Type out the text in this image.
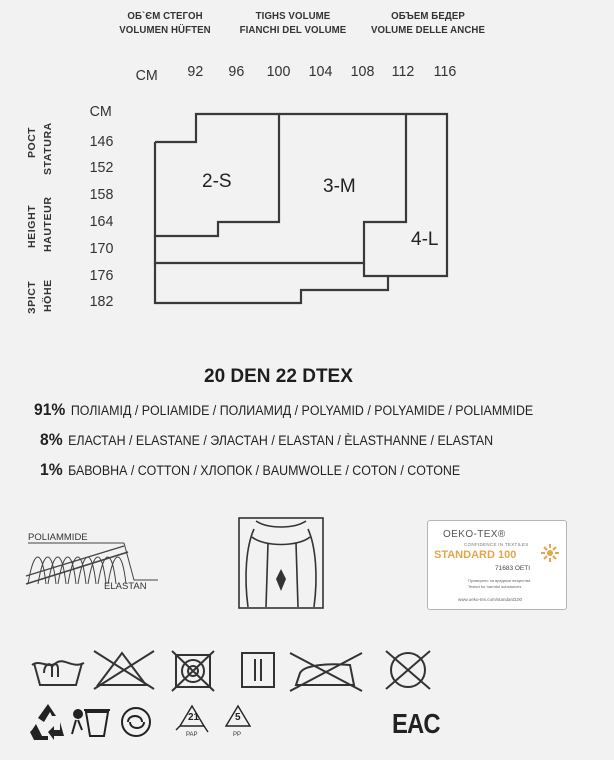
ОБ`ЄМ СТЕГОН
VOLUMEN HÜFTEN
TIGHS VOLUME
FIANCHI DEL VOLUME
ОБЪЕМ БЕДЕР
VOLUME DELLE ANCHE
CM 92 96 100 104 108 112 116
CM
146
152
158
164
170
176
182
РОСТ STATURA
HEIGHT HAUTEUR
ЗРІСТ HÖHE
2-S	3-M
4-L
20 DEN 22 DTEX
91% ПОЛІАМІД / POLIAMIDE / ПОЛИАМИД / POLYAMID / POLYAMIDE / POLIAMMIDE
8% ЕЛАСТАН / ELASTANE / ЭЛАСТАН / ELASTAN / ÈLASTHANNE / ELASTAN
1% БАВОВНА / COTTON / ХЛОПОК / BAUMWOLLE / COTON / COTONE
POLIAMMIDE
ELASTAN
OEKO-TEX®
CONFIDENCE IN TEXTILES
STANDARD 100
71683 OETI
Проверено на вредные вещества
Tested for harmful substances
www.oeko-tex.com/standard100
21
PAP
5
PP	EAC
